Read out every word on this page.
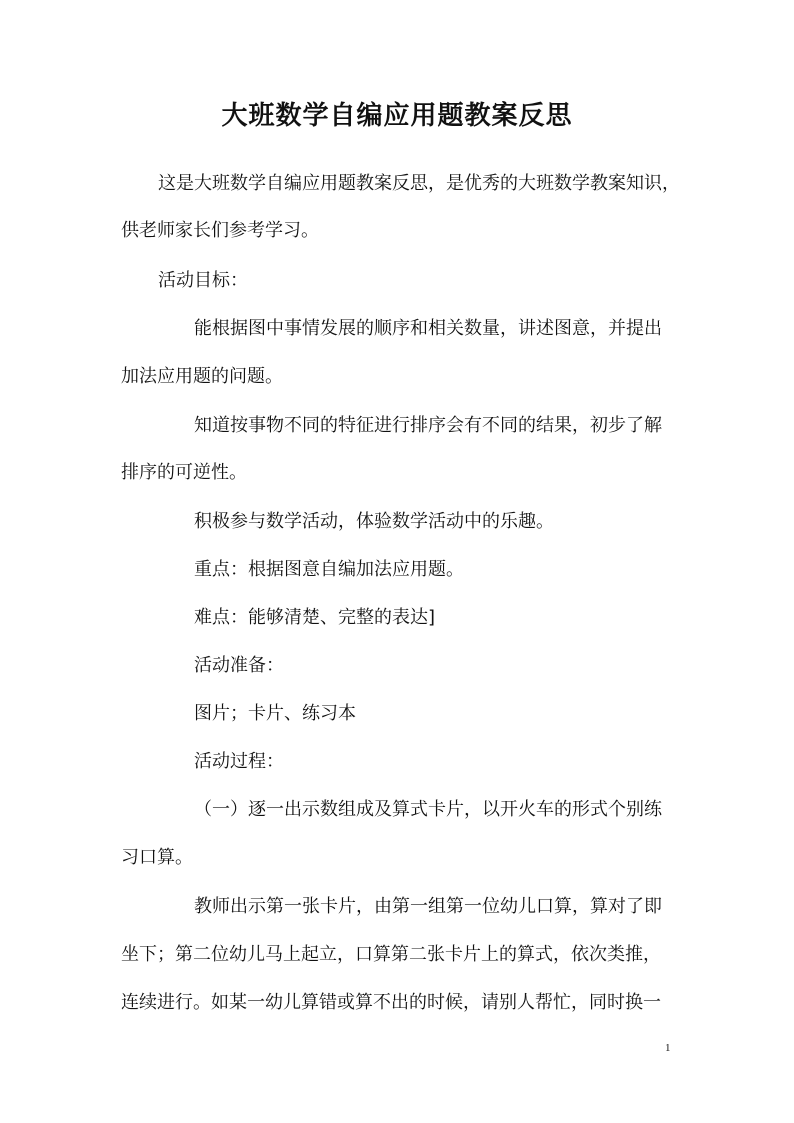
大班数学自编应用题教案反思
这是大班数学自编应用题教案反思，是优秀的大班数学教案知识，
供老师家长们参考学习。
活动目标：
能根据图中事情发展的顺序和相关数量，讲述图意，并提出
加法应用题的问题。
知道按事物不同的特征进行排序会有不同的结果，初步了解
排序的可逆性。
积极参与数学活动，体验数学活动中的乐趣。
重点：根据图意自编加法应用题。
难点：能够清楚、完整的表达]
活动准备：
图片；卡片、练习本
活动过程：
（一）逐一出示数组成及算式卡片，以开火车的形式个别练
习口算。
教师出示第一张卡片，由第一组第一位幼儿口算，算对了即
坐下；第二位幼儿马上起立，口算第二张卡片上的算式，依次类推，
连续进行。如某一幼儿算错或算不出的时候，请别人帮忙，同时换一
1
